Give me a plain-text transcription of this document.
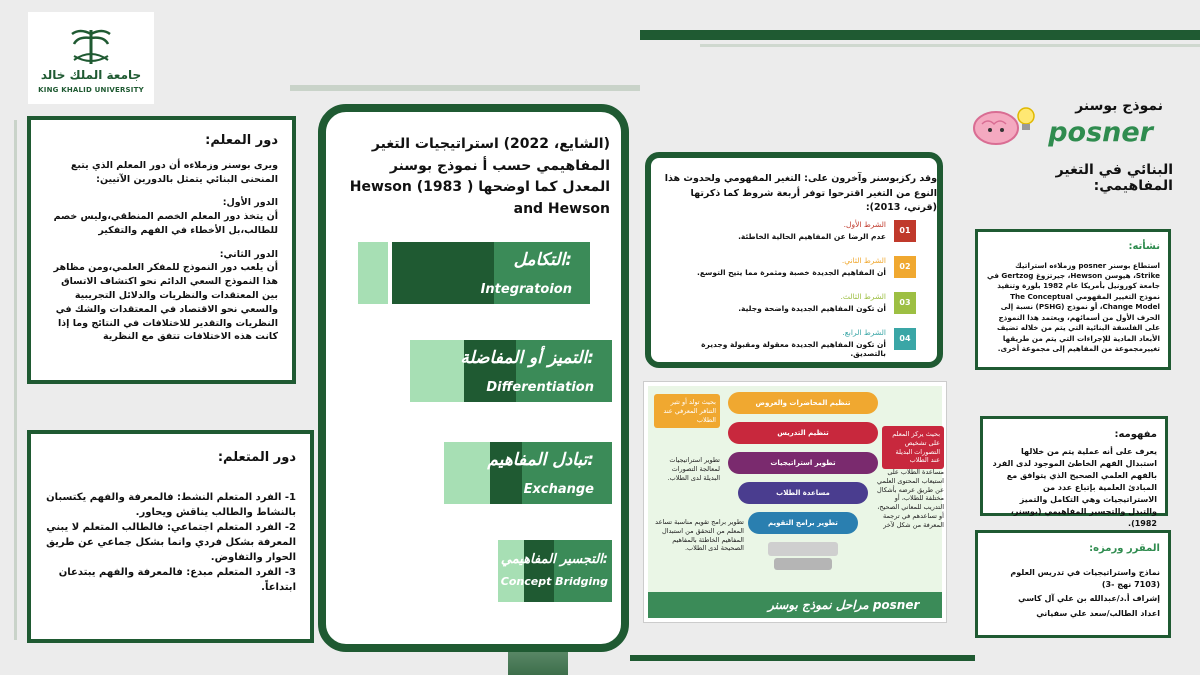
جامعة الملك خالد
KING KHALID UNIVERSITY
دور المعلم:

ويرى بوسنر وزملاءه أن دور المعلم الذي يتبع المنحنى البنائي يتمثل بالدورين الآتيين:

الدور الأول:
أن يتخذ دور المعلم الخصم المنطقي،وليس خصم للطالب،بل الأخطاء في الفهم والتفكير

الدور الثاني:
أن يلعب دور النموذج للمفكر العلمي،ومن مظاهر هذا النموذج السعي الدائم نحو اكتشاف الاتساق بين المعتقدات والنظريات والدلائل التجريبية والسعي نحو الاقتصاد في المعتقدات والشك في النظريات والتقدير للاختلافات في النتائج وما إذا كانت هذه الاختلافات تتفق مع النظرية

دور المتعلم:
1- الفرد المتعلم النشط: فالمعرفة والفهم يكتسبان بالنشاط والطالب يناقش ويحاور.
2- الفرد المتعلم اجتماعي: فالطالب المتعلم لا يبني المعرفة بشكل فردي وانما بشكل جماعي عن طريق الحوار والتفاوض.
3- الفرد المتعلم مبدع: فالمعرفة والفهم يبتدعان ابتداعاً.
(الشايع، 2022) استراتيجيات التغير المفاهيمي حسب أ نموذج بوسنر المعدل كما اوضحها ( 1983) Hewson and Hewson
التكامل:
Integratoion
التميز أو المفاضلة:
Differentiation
تبادل المفاهيم:
Exchange
التجسير المفاهيمي:
Concept Bridging
وقد رکزبوسنر وآخرون على: التغير المفهومي ولحدوث هذا النوع من التغير اقترحوا توفر أربعة شروط كما ذكرتها (قرني، 2013):
01
الشرط الأول.
عدم الرضا عن المفاهيم الحالية الخاطئة.
02
الشرط الثاني.
أن المفاهيم الجديدة خصبة ومثمرة مما يتيح التوسع.
03
الشرط الثالث.
أن تكون المفاهيم الجديدة واضحة وجلية.
04
الشرط الرابع.
أن تكون المفاهيم الجديدة معقولة ومقبولة وجديرة بالتصديق.
تنظيم المحاضرات والعروض
تنظيم التدريس
تطوير استراتيجيات
مساعدة الطلاب
تطوير برامج التقويم
بحيث تولد أو تثير التنافر المعرفي عند الطلاب
بحيث يركز المعلم على تشخيص التصورات البديلة عند الطلاب
تطوير استراتيجيات لمعالجة التصورات البديلة لدى الطلاب.
مساعدة الطلاب على استيعاب المحتوى العلمي عن طريق عرضه بأشكال مختلفة للطلاب، أو التدريب للمعاني الصحيح، أو تساعدهم في ترجمة المعرفة من شكل لآخر
تطوير برامج تقويم مناسبة تساعد المعلم من التحقق من استبدال المفاهيم الخاطئة بالمفاهيم الصحيحة لدى الطلاب.
مراحل نموذج بوسنر posner
نموذج بوسنر
posner
البنائي في التغير المفاهيمي:
نشأته:
استطاع بوسنر posner وزملاءه استراتيك Strike، هيوسن Hewson، جيرتزوغ Gertzog في جامعة كورونيل بأمريكا عام 1982 بلورة وتنفيذ نموذج التغيير المفهومي The Conceptual Change Model، أو نموذج (PSHG) نسبة إلى الحرف الأول من أسمائهم، ويعتمد هذا النموذج على الفلسفة البنائية التي يتم من خلاله تضيف الأبعاد المادية للإجراءات التي يتم من طريقها تغييرمجموعة من المفاهيم إلى مجموعة أخرى.
مفهومه:
يعرف على أنه عملية يتم من خلالها استبدال الفهم الخاطئ الموجود لدى الفرد بالفهم العلمي الصحيح الذي يتوافق مع المبادئ العلمية بإتباع عدد من الاستراتيجيات وهي التكامل والتميز والتبدل والتجسير المفاهيمي (بوسنر، 1982).
المقرر ورمزه:
نماذج واستراتيجيات في تدريس العلوم (7103 نهج -3)
إشراف أ.د/عبدالله بن علي آل كاسي
اعداد الطالب/سعد علي سفياني
